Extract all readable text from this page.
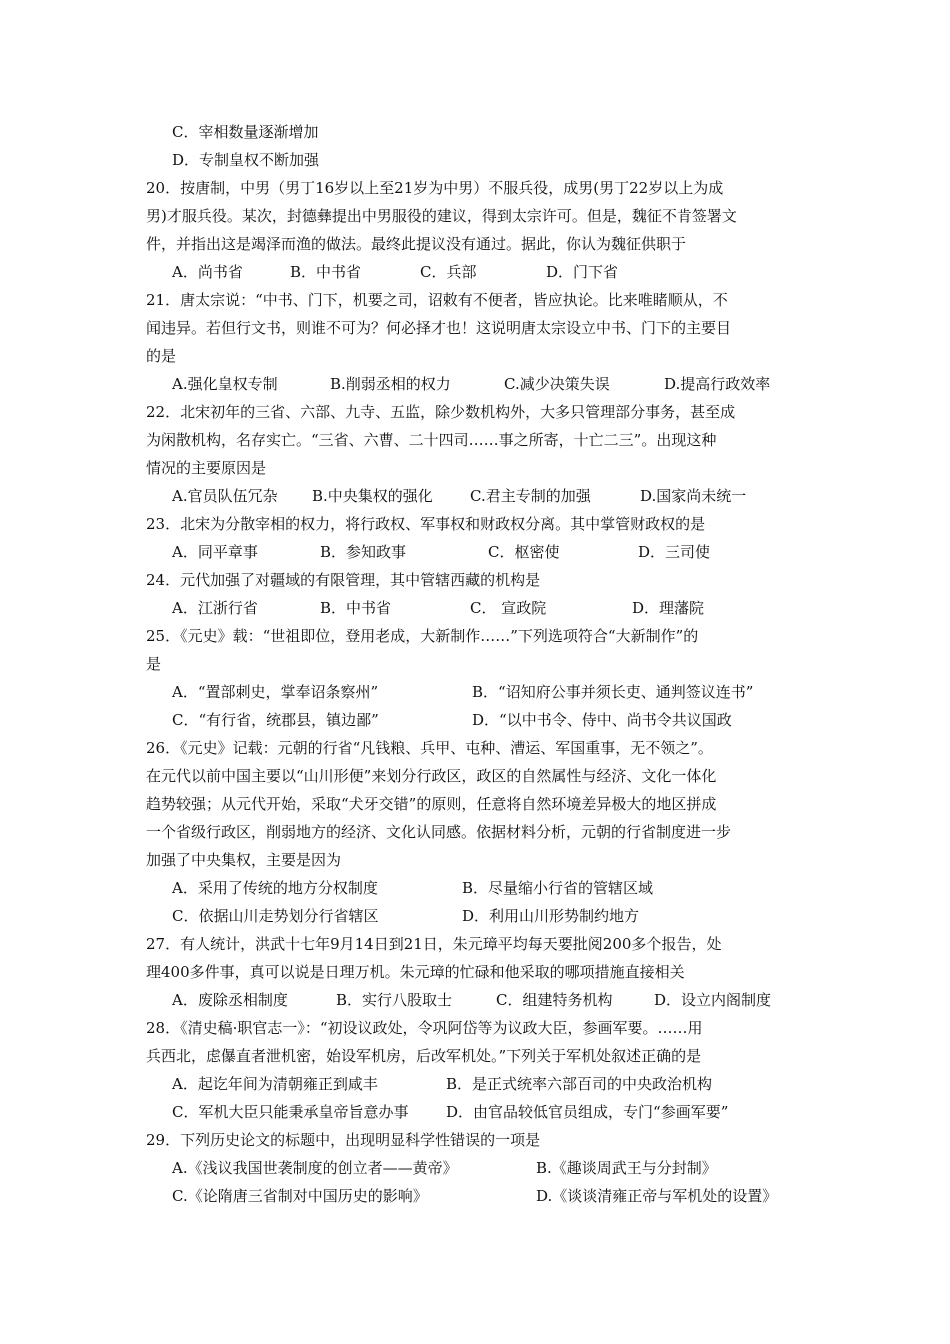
C．宰相数量逐渐增加
D．专制皇权不断加强
20．按唐制，中男（男丁16岁以上至21岁为中男）不服兵役，成男(男丁22岁以上为成
男)才服兵役。某次，封德彝提出中男服役的建议，得到太宗许可。但是，魏征不肯签署文
件，并指出这是竭泽而渔的做法。最终此提议没有通过。据此，你认为魏征供职于
A．尚书省	B．中书省	C．兵部	D．门下省
21．唐太宗说：“中书、门下，机要之司，诏敕有不便者，皆应执论。比来唯睹顺从，不
闻违异。若但行文书，则谁不可为？何必择才也！这说明唐太宗设立中书、门下的主要目
的是
A.强化皇权专制	B.削弱丞相的权力	C.减少决策失误	D.提高行政效率
22．北宋初年的三省、六部、九寺、五监，除少数机构外，大多只管理部分事务，甚至成
为闲散机构，名存实亡。“三省、六曹、二十四司……事之所寄，十亡二三”。出现这种
情况的主要原因是
A.官员队伍冗杂 B.中央集权的强化 C.君主专制的加强	D.国家尚未统一
23．北宋为分散宰相的权力，将行政权、军事权和财政权分离。其中掌管财政权的是
A．同平章事	B．参知政事	C．枢密使	D．三司使
24．元代加强了对疆域的有限管理，其中管辖西藏的机构是
A．江浙行省	B．中书省	C． 宣政院	D．理藩院
25．《元史》载：“世祖即位，登用老成，大新制作……”下列选项符合“大新制作”的
是
A．“置部刺史，掌奉诏条察州”	B．“诏知府公事并须长吏、通判签议连书”
C．“有行省，统郡县，镇边鄙”	D．“以中书令、侍中、尚书令共议国政
26．《元史》记载：元朝的行省“凡钱粮、兵甲、屯种、漕运、军国重事，无不领之”。
在元代以前中国主要以“山川形便”来划分行政区，政区的自然属性与经济、文化一体化
趋势较强；从元代开始，采取“犬牙交错”的原则，任意将自然环境差异极大的地区拼成
一个省级行政区，削弱地方的经济、文化认同感。依据材料分析，元朝的行省制度进一步
加强了中央集权，主要是因为
A．采用了传统的地方分权制度	B．尽量缩小行省的管辖区域
C．依据山川走势划分行省辖区	D．利用山川形势制约地方
27．有人统计，洪武十七年9月14日到21日，朱元璋平均每天要批阅200多个报告，处
理400多件事，真可以说是日理万机。朱元璋的忙碌和他采取的哪项措施直接相关
A．废除丞相制度	B．实行八股取士	C．组建特务机构	D．设立内阁制度
28．《清史稿·职官志一》：“初设议政处，令巩阿岱等为议政大臣，参画军要。……用
兵西北，虑儤直者泄机密，始设军机房，后改军机处。”下列关于军机处叙述正确的是
A．起讫年间为清朝雍正到咸丰	B．是正式统率六部百司的中央政治机构
C．军机大臣只能秉承皇帝旨意办事	D．由官品较低官员组成，专门“参画军要”
29．下列历史论文的标题中，出现明显科学性错误的一项是
A.《浅议我国世袭制度的创立者——黄帝》	B.《趣谈周武王与分封制》
C.《论隋唐三省制对中国历史的影响》	D.《谈谈清雍正帝与军机处的设置》
